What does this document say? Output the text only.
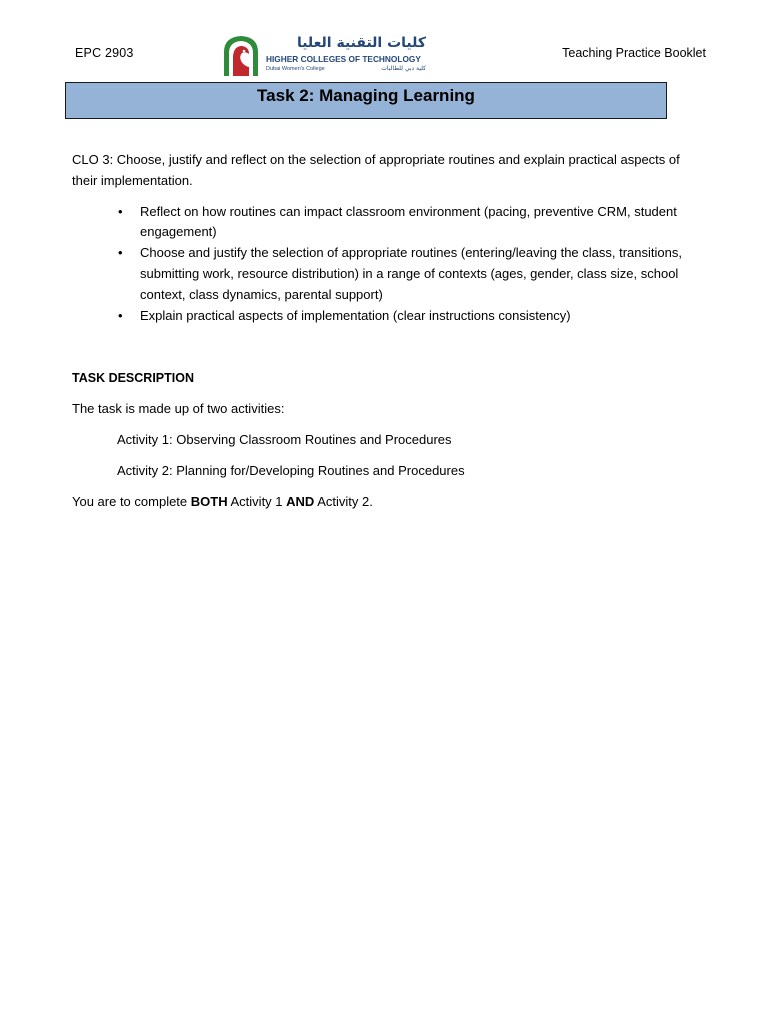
EPC 2903
كليات التقنية العليا
HIGHER COLLEGES OF TECHNOLOGY
Dubai Women's College	كلية دبي للطالبات
Teaching Practice Booklet
Task 2: Managing Learning

CLO 3: Choose, justify and reflect on the selection of appropriate routines and explain practical aspects of their implementation.

• Reflect on how routines can impact classroom environment (pacing, preventive CRM, student engagement)
• Choose and justify the selection of appropriate routines (entering/leaving the class, transitions, submitting work, resource distribution) in a range of contexts (ages, gender, class size, school context, class dynamics, parental support)
• Explain practical aspects of implementation (clear instructions consistency)

TASK DESCRIPTION

The task is made up of two activities:

Activity 1: Observing Classroom Routines and Procedures

Activity 2: Planning for/Developing Routines and Procedures

You are to complete BOTH Activity 1 AND Activity 2.
